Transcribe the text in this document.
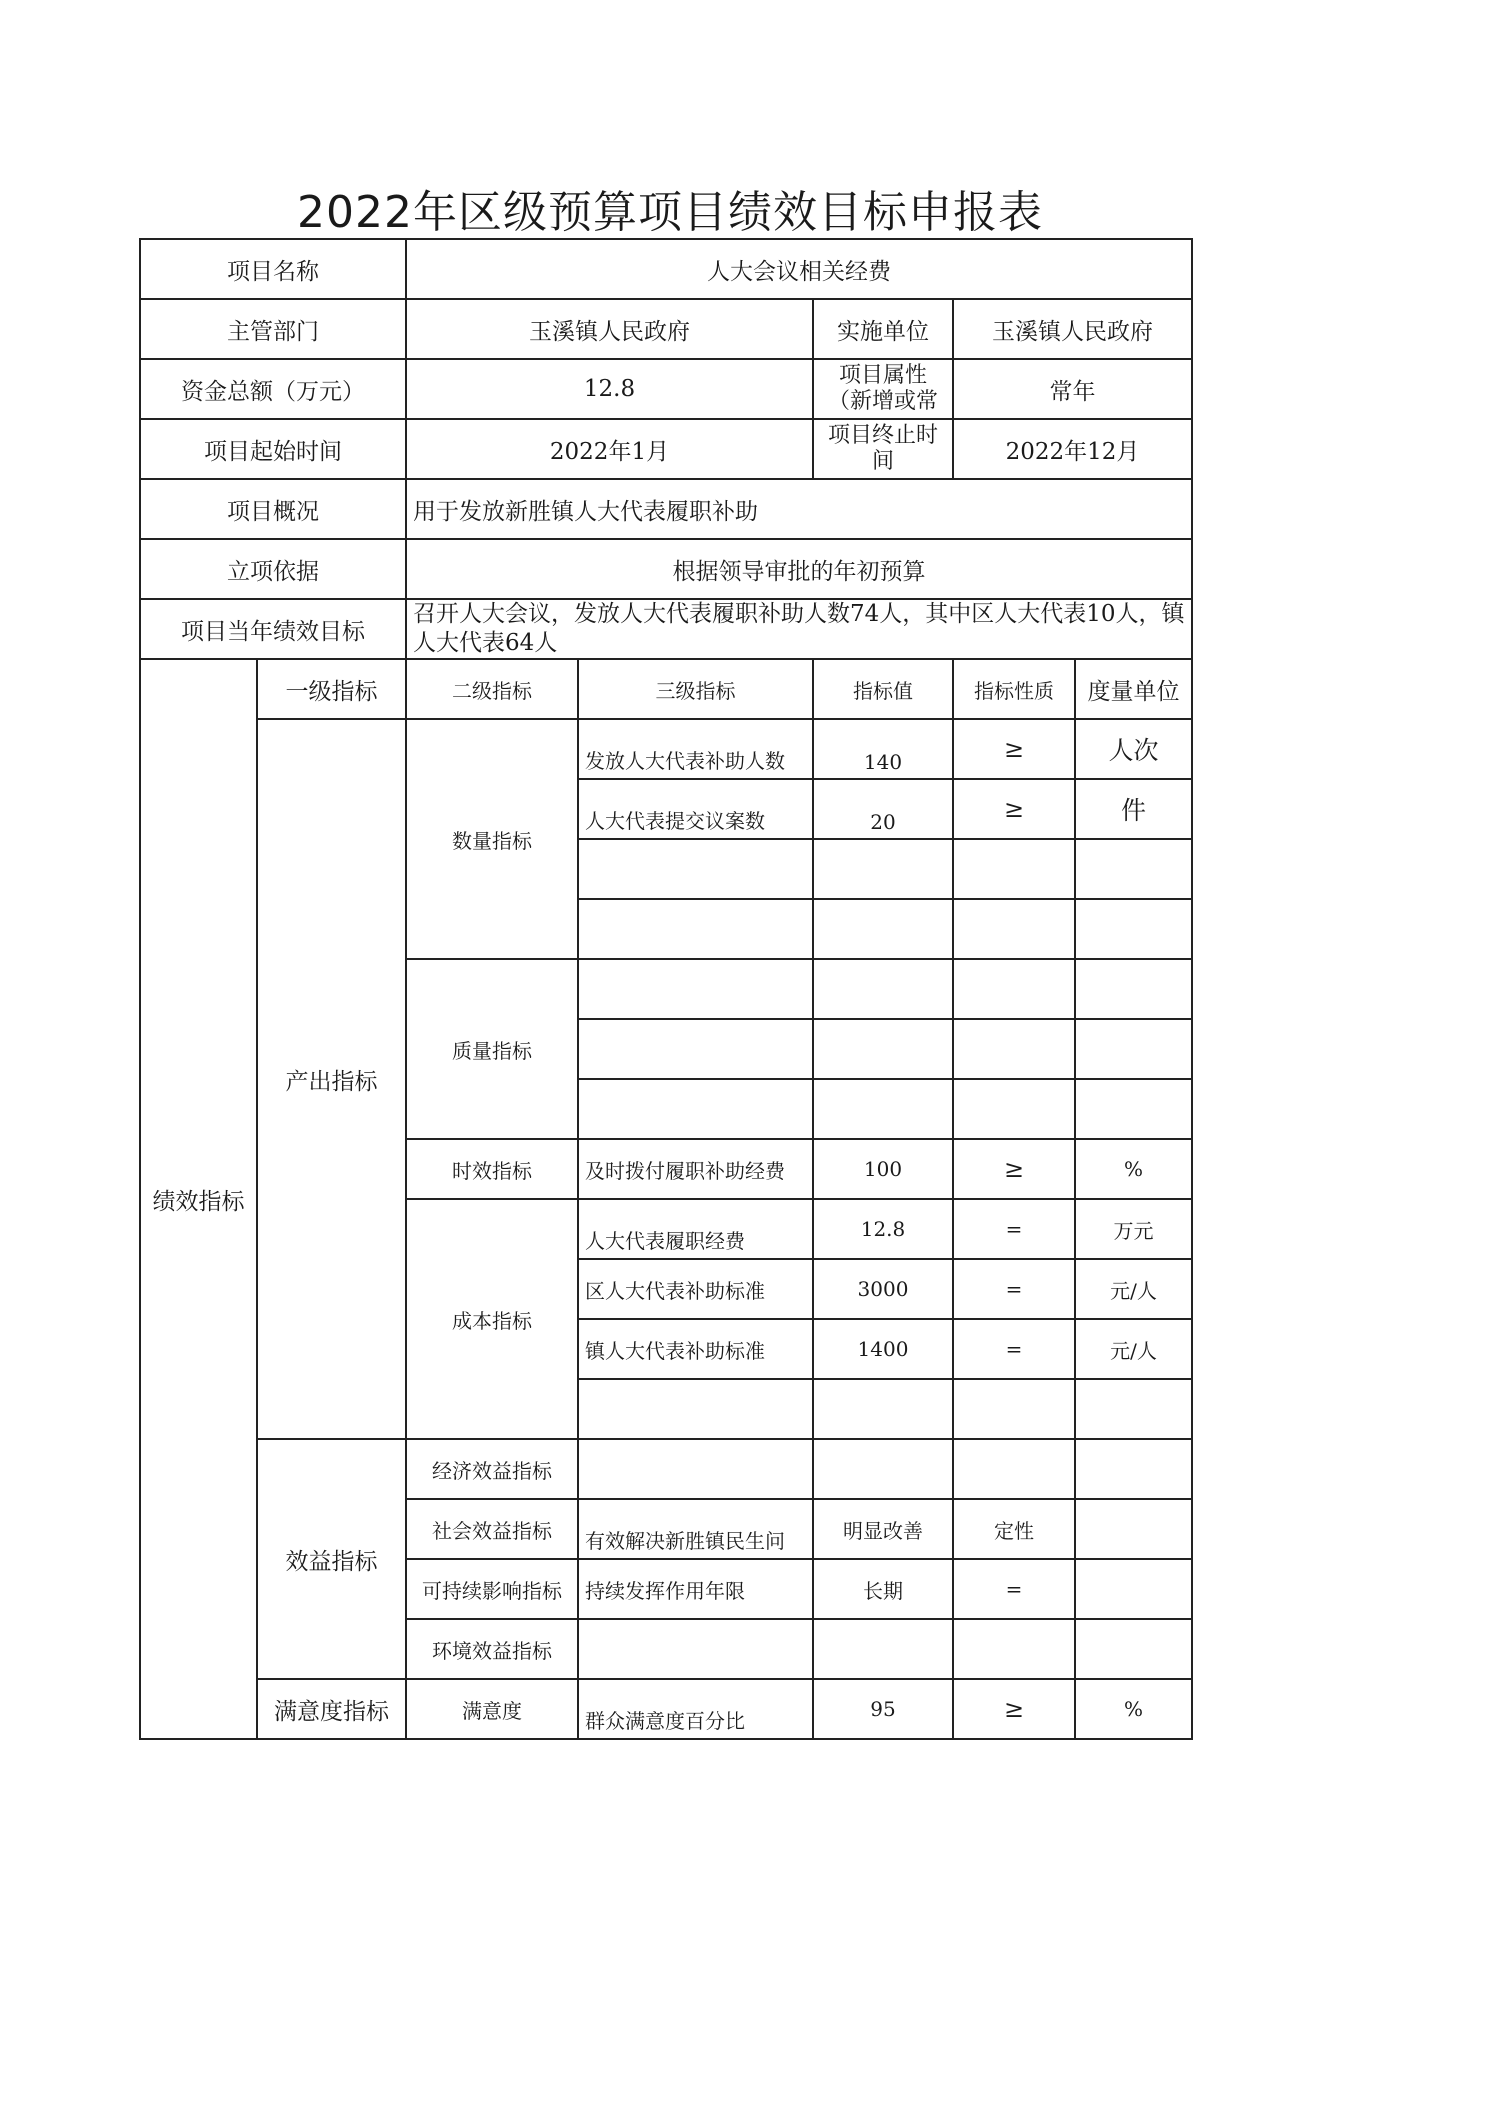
2022年区级预算项目绩效目标申报表
项目名称		人大会议相关经费				
主管部门		玉溪镇人民政府		实施单位	玉溪镇人民政府	
资金总额（万元）		12.8		项目属性（新增或常	常年	
项目起始时间		2022年1月		项目终止时间	2022年12月	
项目概况		用于发放新胜镇人大代表履职补助				
立项依据		根据领导审批的年初预算				
项目当年绩效目标		召开人大会议，发放人大代表履职补助人数74人，其中区人大代表10人，镇人大代表64人				
绩效指标	一级指标	二级指标	三级指标	指标值	指标性质	度量单位
	产出指标	数量指标	发放人大代表补助人数	140	≥	人次
			人大代表提交议案数	20	≥	件

		质量指标				

		时效指标	及时拨付履职补助经费	100	≥	%
		成本指标	人大代表履职经费	12.8	=	万元
			区人大代表补助标准	3000	=	元/人
			镇人大代表补助标准	1400	=	元/人

	效益指标	经济效益指标				
		社会效益指标	有效解决新胜镇民生问	明显改善	定性	
		可持续影响指标	持续发挥作用年限	长期	=	
		环境效益指标				
	满意度指标	满意度	群众满意度百分比	95	≥	%
